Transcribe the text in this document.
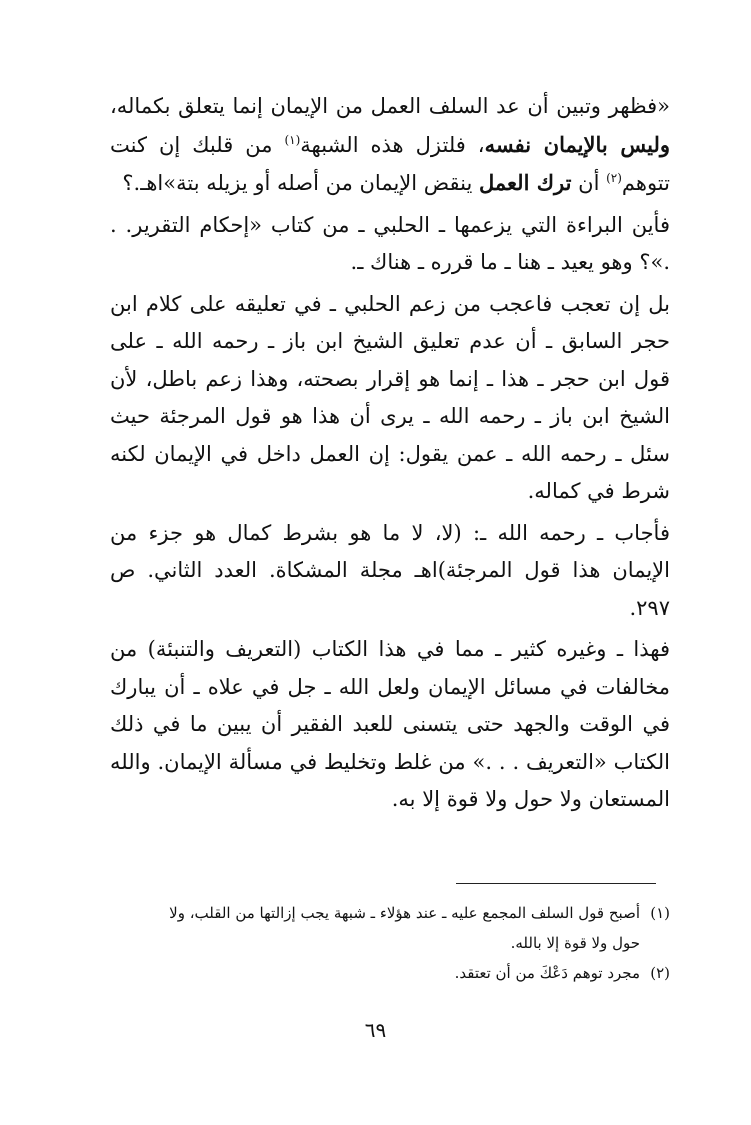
«فظهر وتبين أن عد السلف العمل من الإيمان إنما يتعلق بكماله، وليس بالإيمان نفسه، فلتزل هذه الشبهة$^{(١)}$ من قلبك إن كنت تتوهم$^{(٢)}$ أن ترك العمل ينقض الإيمان من أصله أو يزيله بتة»اهـ.؟

فأين البراءة التي يزعمها ـ الحلبي ـ من كتاب «إحكام التقرير. . .»؟ وهو يعيد ـ هنا ـ ما قرره ـ هناك ـ.

بل إن تعجب فاعجب من زعم الحلبي ـ في تعليقه على كلام ابن حجر السابق ـ أن عدم تعليق الشيخ ابن باز ـ رحمه الله ـ على قول ابن حجر ـ هذا ـ إنما هو إقرار بصحته، وهذا زعم باطل، لأن الشيخ ابن باز ـ رحمه الله ـ يرى أن هذا هو قول المرجئة حيث سئل ـ رحمه الله ـ عمن يقول: إن العمل داخل في الإيمان لكنه شرط في كماله.

فأجاب ـ رحمه الله ـ: (لا، لا ما هو بشرط كمال هو جزء من الإيمان هذا قول المرجئة)اهـ مجلة المشكاة. العدد الثاني. ص ٢٩٧.

فهذا ـ وغيره كثير ـ مما في هذا الكتاب (التعريف والتنبئة) من مخالفات في مسائل الإيمان ولعل الله ـ جل في علاه ـ أن يبارك في الوقت والجهد حتى يتسنى للعبد الفقير أن يبين ما في ذلك الكتاب «التعريف . . .» من غلط وتخليط في مسألة الإيمان. والله المستعان ولا حول ولا قوة إلا به.

(١)أصبح قول السلف المجمع عليه ـ عند هؤلاء ـ شبهة يجب إزالتها من القلب، ولا
حول ولا قوة إلا بالله.
(٢)مجرد توهم دَعْكَ من أن تعتقد.
٦٩
